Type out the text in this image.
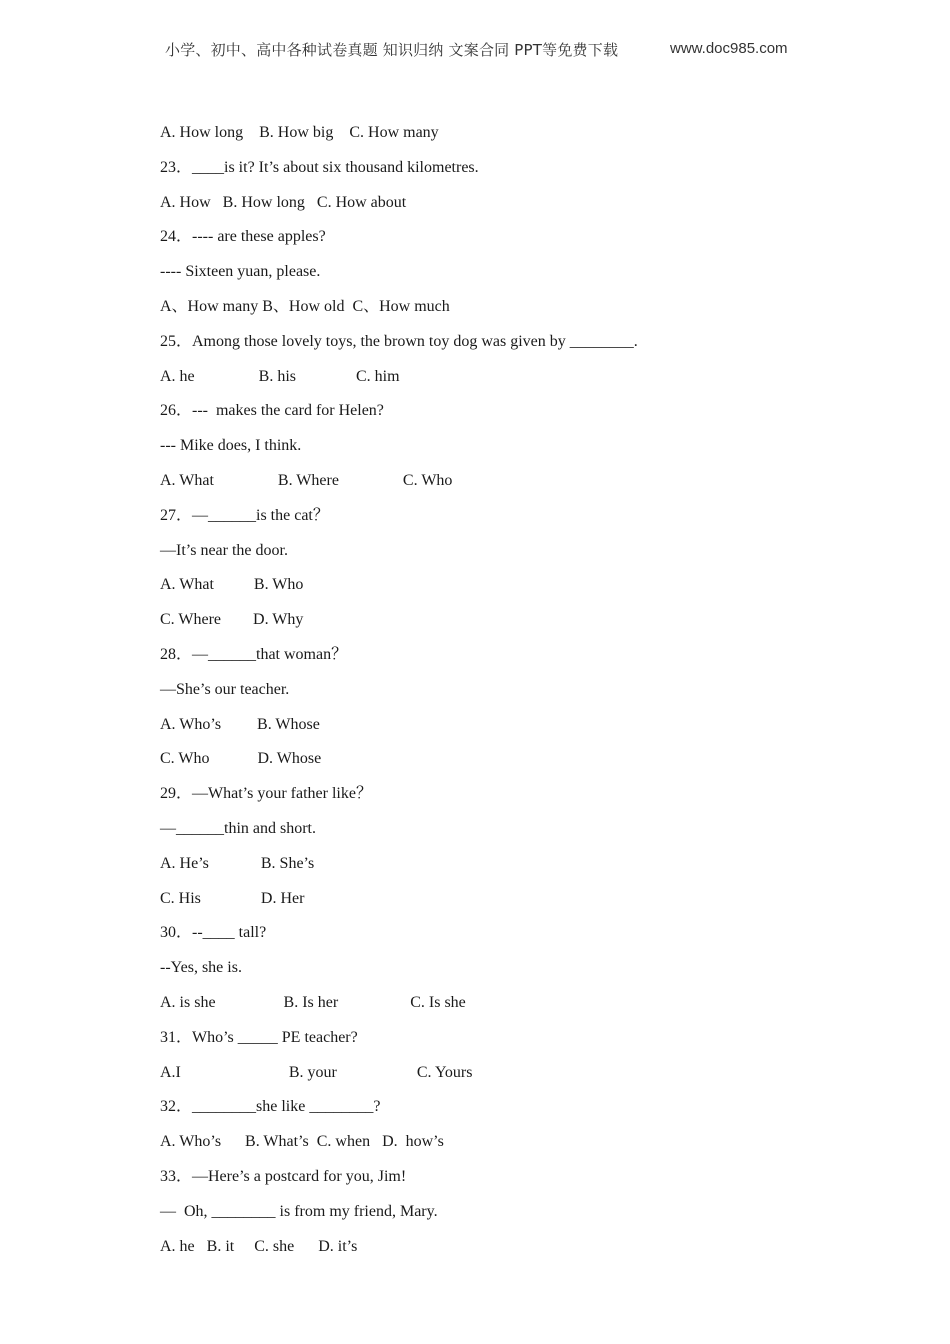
小学、初中、高中各种试卷真题 知识归纳 文案合同 PPT等免费下载	www.doc985.com
A. How long    B. How big    C. How many
23．____is it? It’s about six thousand kilometres.
A. How   B. How long   C. How about
24．---- are these apples?
---- Sixteen yuan, please.
A、How many B、How old  C、How much
25．Among those lovely toys, the brown toy dog was given by ________.
A. he                B. his               C. him
26．---  makes the card for Helen?
--- Mike does, I think.
A. What                B. Where                C. Who
27．—______is the cat？
—It’s near the door.
A. What          B. Who
C. Where        D. Why
28．—______that woman？
—She’s our teacher.
A. Who’s         B. Whose
C. Who            D. Whose
29．—What’s your father like？
—______thin and short.
A. He’s             B. She’s
C. His               D. Her
30．--____ tall?
--Yes, she is.
A. is she                 B. Is her                  C. Is she
31．Who’s _____ PE teacher?
A.I                           B. your                    C. Yours
32．________she like ________?
A. Who’s      B. What’s  C. when   D.  how’s
33．—Here’s a postcard for you, Jim!
—  Oh, ________ is from my friend, Mary.
A. he   B. it     C. she      D. it’s
